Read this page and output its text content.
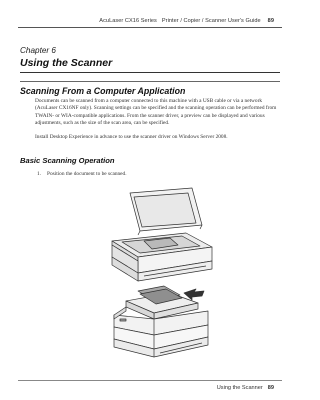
AcuLaser CX16 Series Printer / Copier / Scanner User's Guide 89
Chapter 6
Using the Scanner
Scanning From a Computer Application
Documents can be scanned from a computer connected to this machine with a USB cable or via a network (AcuLaser CX16NF only). Scanning settings can be specified and the scanning operation can be performed from TWAIN- or WIA-compatible applications. From the scanner driver, a preview can be displayed and various adjustments, such as the size of the scan area, can be specified.
Install Desktop Experience in advance to use the scanner driver on Windows Server 2008.
Basic Scanning Operation
1. Position the document to be scanned.
Using the Scanner 89
